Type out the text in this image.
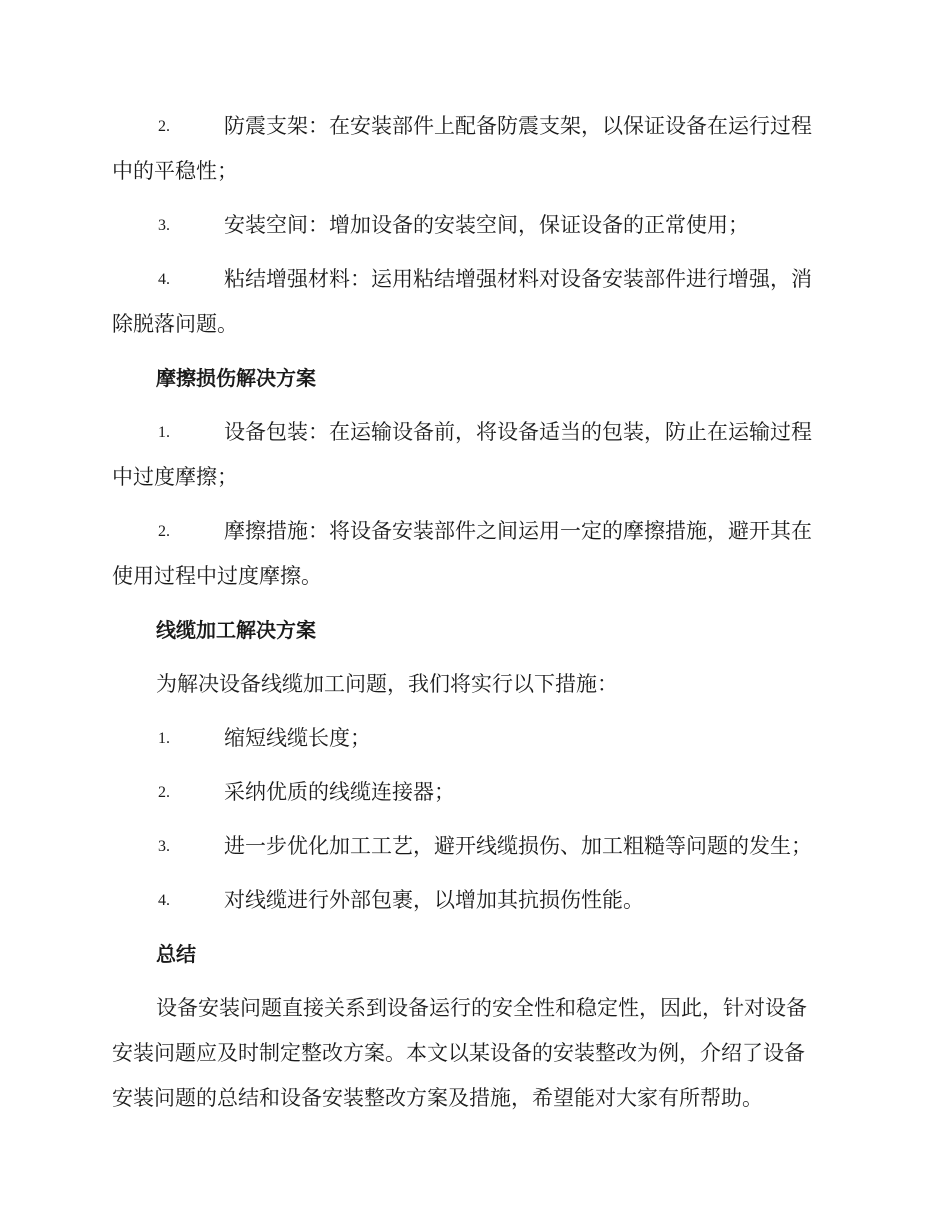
2.	防震支架：在安装部件上配备防震支架，以保证设备在运行过程
中的平稳性；
3.	安装空间：增加设备的安装空间，保证设备的正常使用；
4.	粘结增强材料：运用粘结增强材料对设备安装部件进行增强，消
除脱落问题。
摩擦损伤解决方案
1.	设备包装：在运输设备前，将设备适当的包装，防止在运输过程
中过度摩擦；
2.	摩擦措施：将设备安装部件之间运用一定的摩擦措施，避开其在
使用过程中过度摩擦。
线缆加工解决方案
为解决设备线缆加工问题，我们将实行以下措施：
1.	缩短线缆长度；
2.	采纳优质的线缆连接器；
3.	进一步优化加工工艺，避开线缆损伤、加工粗糙等问题的发生；
4.	对线缆进行外部包裹，以增加其抗损伤性能。
总结
设备安装问题直接关系到设备运行的安全性和稳定性，因此，针对设备
安装问题应及时制定整改方案。本文以某设备的安装整改为例，介绍了设备
安装问题的总结和设备安装整改方案及措施，希望能对大家有所帮助。
